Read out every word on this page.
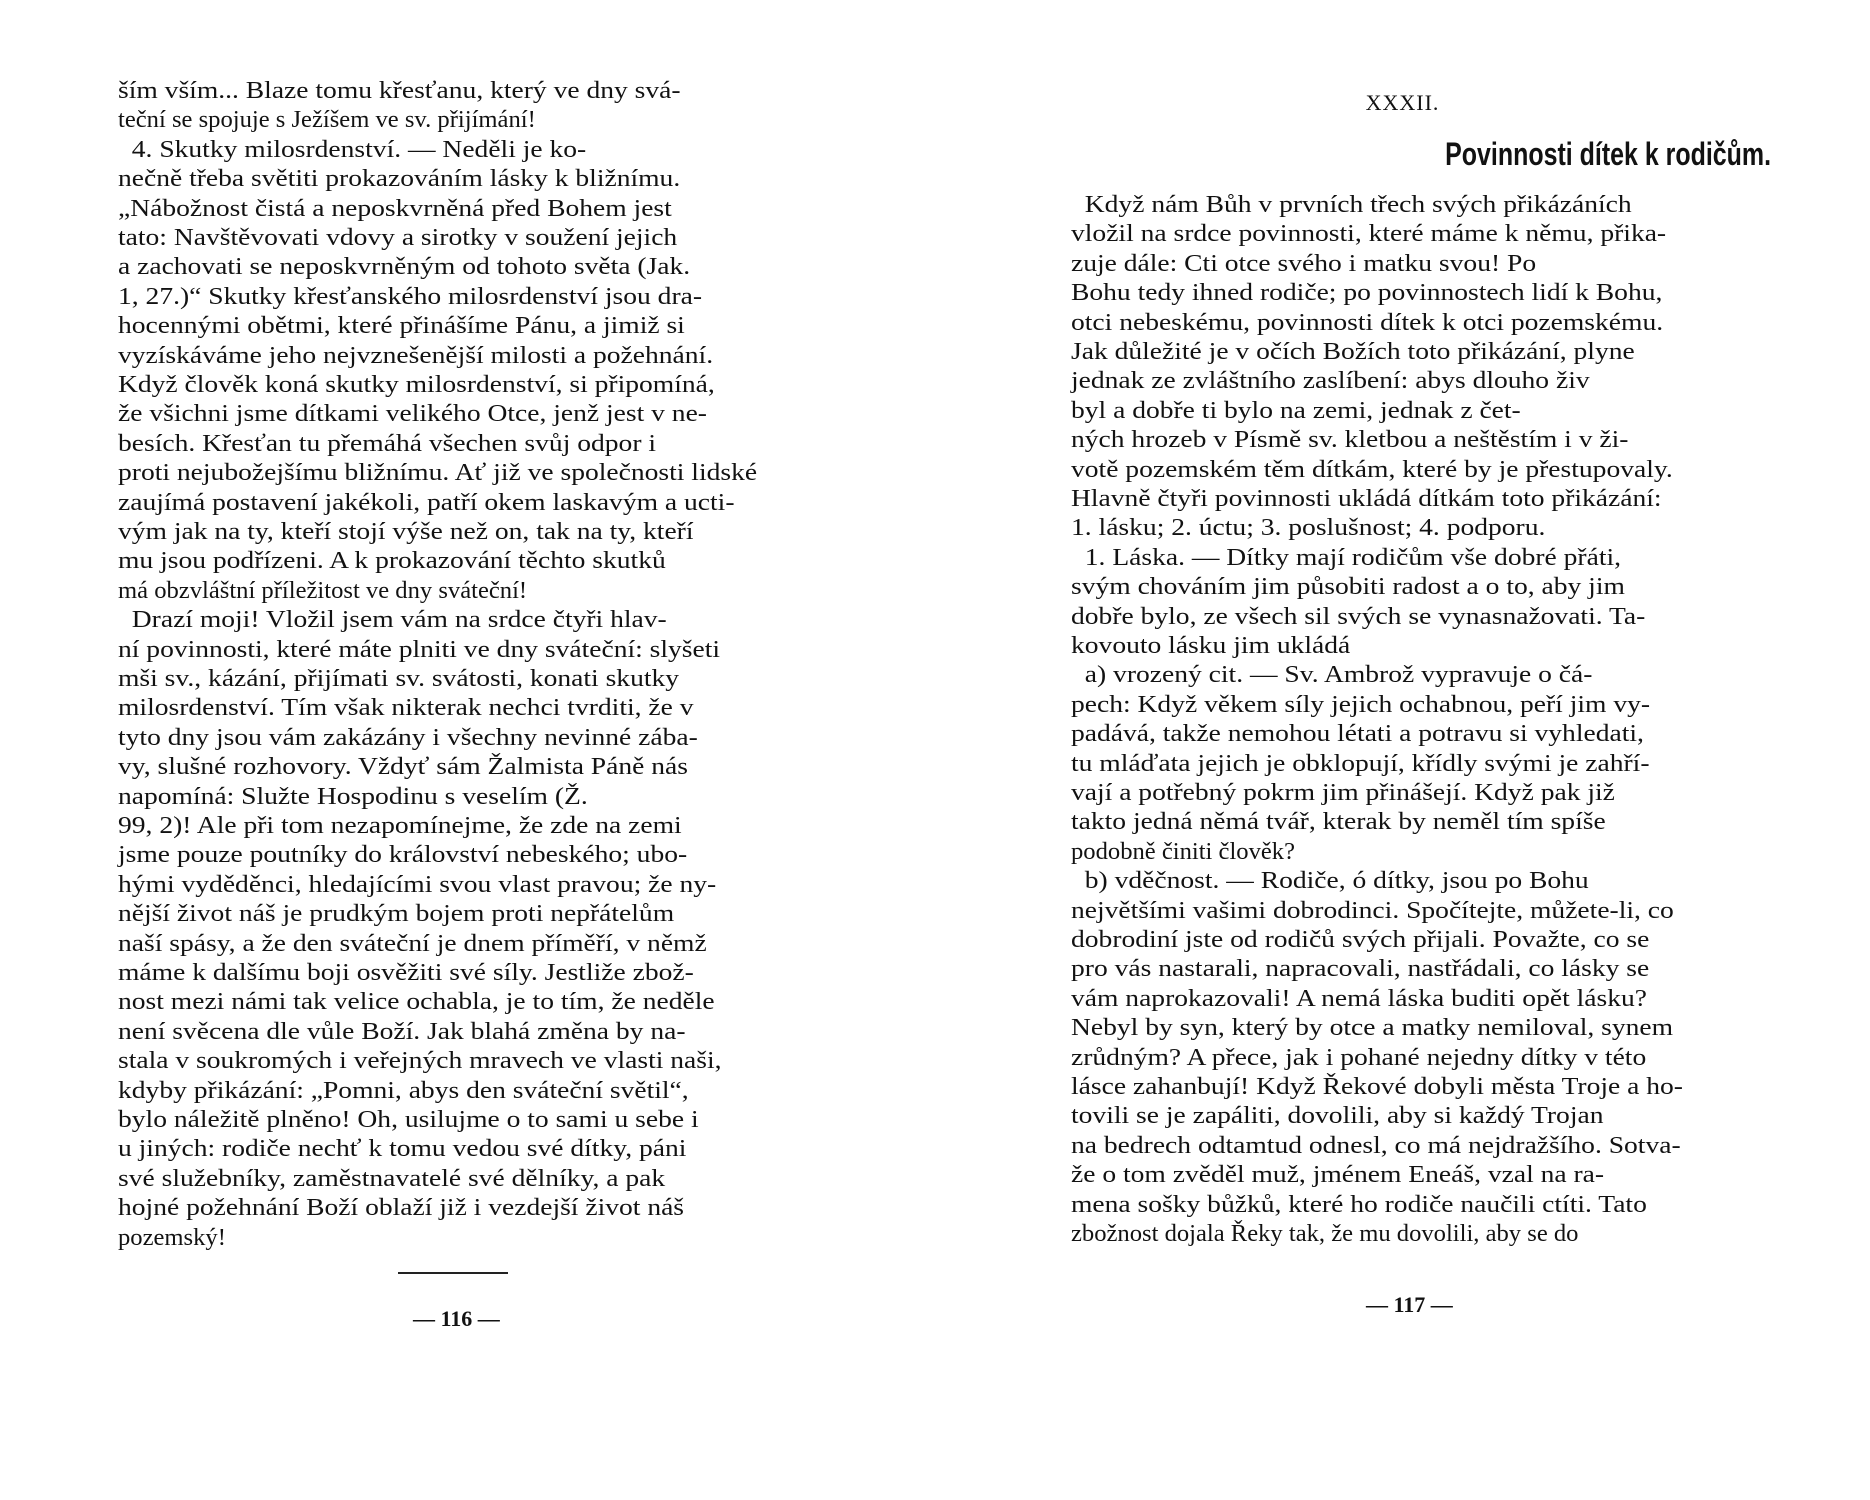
ším vším... Blaze tomu křesťanu, který ve dny svá-
teční se spojuje s Ježíšem ve sv. přijímání!
4. Skutky milosrdenství. — Neděli je ko-
nečně třeba světiti prokazováním lásky k bližnímu.
„Nábožnost čistá a neposkvrněná před Bohem jest
tato: Navštěvovati vdovy a sirotky v soužení jejich
a zachovati se neposkvrněným od tohoto světa (Jak.
1, 27.)“ Skutky křesťanského milosrdenství jsou dra-
hocennými obětmi, které přinášíme Pánu, a jimiž si
vyzískáváme jeho nejvznešenější milosti a požehnání.
Když člověk koná skutky milosrdenství, si připomíná,
že všichni jsme dítkami velikého Otce, jenž jest v ne-
besích. Křesťan tu přemáhá všechen svůj odpor i
proti nejubožejšímu bližnímu. Ať již ve společnosti lidské
zaujímá postavení jakékoli, patří okem laskavým a ucti-
vým jak na ty, kteří stojí výše než on, tak na ty, kteří
mu jsou podřízeni. A k prokazování těchto skutků
má obzvláštní příležitost ve dny sváteční!
Drazí moji! Vložil jsem vám na srdce čtyři hlav-
ní povinnosti, které máte plniti ve dny sváteční: slyšeti
mši sv., kázání, přijímati sv. svátosti, konati skutky
milosrdenství. Tím však nikterak nechci tvrditi, že v
tyto dny jsou vám zakázány i všechny nevinné zába-
vy, slušné rozhovory. Vždyť sám Žalmista Páně nás
napomíná: Služte Hospodinu s veselím (Ž.
99, 2)! Ale při tom nezapomínejme, že zde na zemi
jsme pouze poutníky do království nebeského; ubo-
hými vyděděnci, hledajícími svou vlast pravou; že ny-
nější život náš je prudkým bojem proti nepřátelům
naší spásy, a že den sváteční je dnem příměří, v němž
máme k dalšímu boji osvěžiti své síly. Jestliže zbož-
nost mezi námi tak velice ochabla, je to tím, že neděle
není svěcena dle vůle Boží. Jak blahá změna by na-
stala v soukromých i veřejných mravech ve vlasti naši,
kdyby přikázání: „Pomni, abys den sváteční světil“,
bylo náležitě plněno! Oh, usilujme o to sami u sebe i
u jiných: rodiče nechť k tomu vedou své dítky, páni
své služebníky, zaměstnavatelé své dělníky, a pak
hojné požehnání Boží oblaží již i vezdejší život náš
pozemský!
— 116 —
XXXII.
Povinnosti dítek k rodičům.
Když nám Bůh v prvních třech svých přikázáních
vložil na srdce povinnosti, které máme k němu, přika-
zuje dále: Cti otce svého i matku svou! Po
Bohu tedy ihned rodiče; po povinnostech lidí k Bohu,
otci nebeskému, povinnosti dítek k otci pozemskému.
Jak důležité je v očích Božích toto přikázání, plyne
jednak ze zvláštního zaslíbení: abys dlouho živ
byl a dobře ti bylo na zemi, jednak z čet-
ných hrozeb v Písmě sv. kletbou a neštěstím i v ži-
votě pozemském těm dítkám, které by je přestupovaly.
Hlavně čtyři povinnosti ukládá dítkám toto přikázání:
1. lásku; 2. úctu; 3. poslušnost; 4. podporu.
1. Láska. — Dítky mají rodičům vše dobré přáti,
svým chováním jim působiti radost a o to, aby jim
dobře bylo, ze všech sil svých se vynasnažovati. Ta-
kovouto lásku jim ukládá
a) vrozený cit. — Sv. Ambrož vypravuje o čá-
pech: Když věkem síly jejich ochabnou, peří jim vy-
padává, takže nemohou létati a potravu si vyhledati,
tu mláďata jejich je obklopují, křídly svými je zahří-
vají a potřebný pokrm jim přinášejí. Když pak již
takto jedná němá tvář, kterak by neměl tím spíše
podobně činiti člověk?
b) vděčnost. — Rodiče, ó dítky, jsou po Bohu
největšími vašimi dobrodinci. Spočítejte, můžete-li, co
dobrodiní jste od rodičů svých přijali. Považte, co se
pro vás nastarali, napracovali, nastřádali, co lásky se
vám naprokazovali! A nemá láska buditi opět lásku?
Nebyl by syn, který by otce a matky nemiloval, synem
zrůdným? A přece, jak i pohané nejedny dítky v této
lásce zahanbují! Když Řekové dobyli města Troje a ho-
tovili se je zapáliti, dovolili, aby si každý Trojan
na bedrech odtamtud odnesl, co má nejdražšího. Sotva-
že o tom zvěděl muž, jménem Eneáš, vzal na ra-
mena sošky bůžků, které ho rodiče naučili ctíti. Tato
zbožnost dojala Řeky tak, že mu dovolili, aby se do
— 117 —
